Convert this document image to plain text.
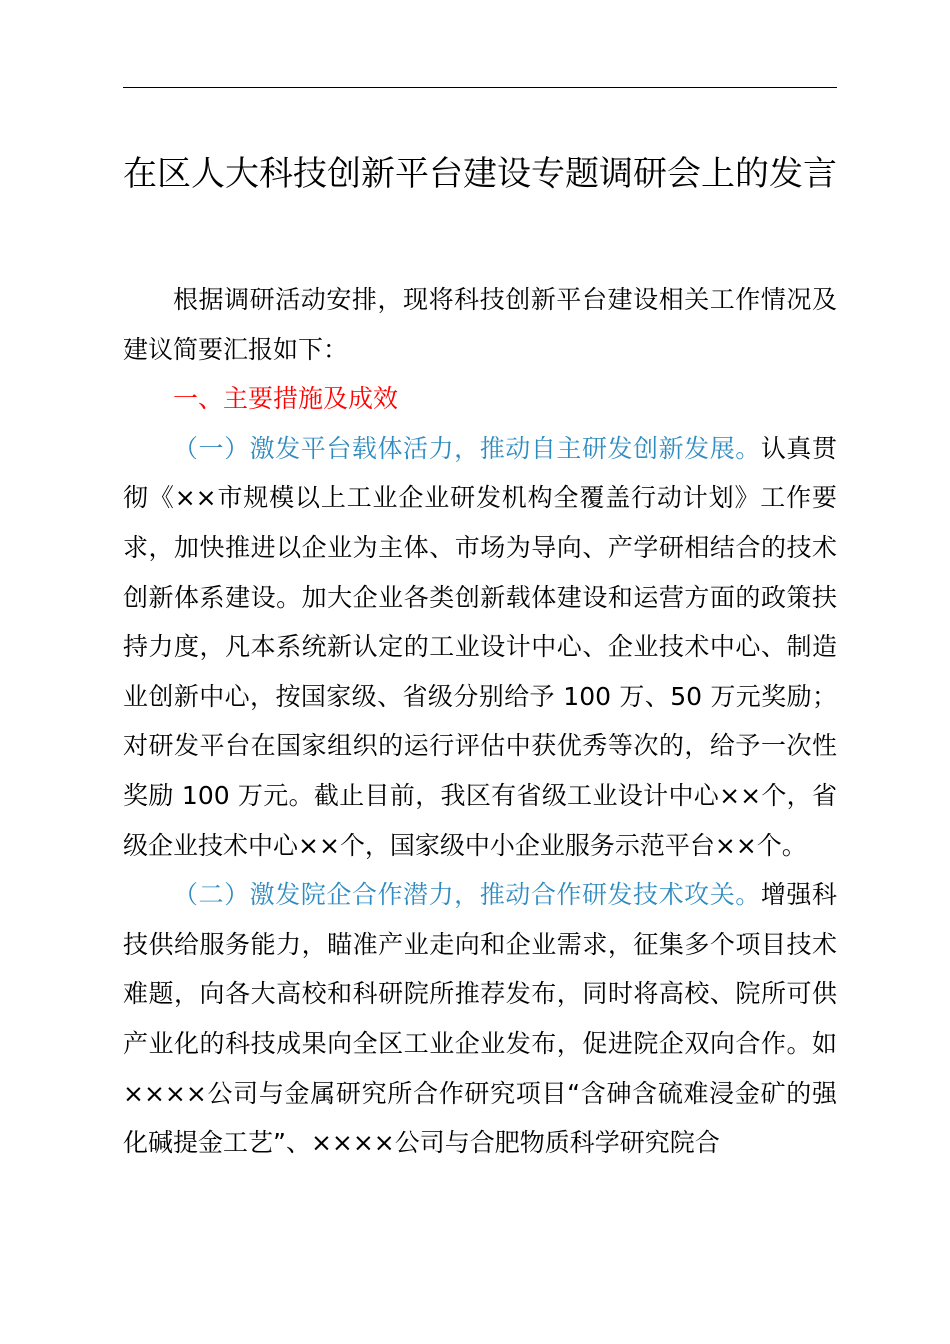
在区人大科技创新平台建设专题调研会上的发言

根据调研活动安排，现将科技创新平台建设相关工作情况及建议简要汇报如下：

一、主要措施及成效

（一）激发平台载体活力，推动自主研发创新发展。认真贯彻《××市规模以上工业企业研发机构全覆盖行动计划》工作要求，加快推进以企业为主体、市场为导向、产学研相结合的技术创新体系建设。加大企业各类创新载体建设和运营方面的政策扶持力度，凡本系统新认定的工业设计中心、企业技术中心、制造业创新中心，按国家级、省级分别给予 100 万、50 万元奖励；对研发平台在国家组织的运行评估中获优秀等次的，给予一次性奖励 100 万元。截止目前，我区有省级工业设计中心××个，省级企业技术中心××个，国家级中小企业服务示范平台××个。

（二）激发院企合作潜力，推动合作研发技术攻关。增强科技供给服务能力，瞄准产业走向和企业需求，征集多个项目技术难题，向各大高校和科研院所推荐发布，同时将高校、院所可供产业化的科技成果向全区工业企业发布，促进院企双向合作。如××××公司与金属研究所合作研究项目“含砷含硫难浸金矿的强化碱提金工艺”、××××公司与合肥物质科学研究院合
